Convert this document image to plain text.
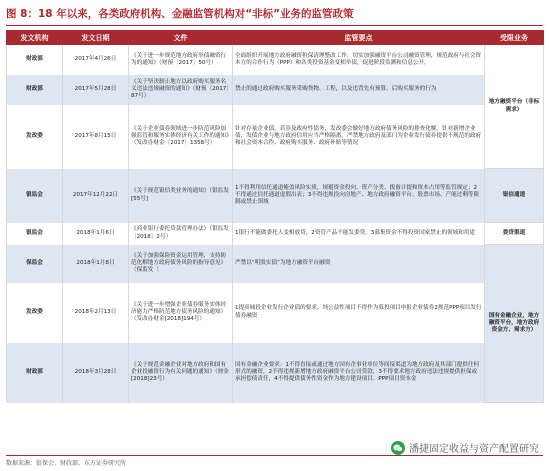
图 8：18 年以来，各类政府机构、金融监管机构对“非标”业务的监管政策
发文机构	发文日期	文件	监管要点	受限业务
财政部	2017年4月26日	《关于进一步规范地方政府举债融资行为的通知》（财预〔2017〕50号）	全面组织开展地方政府融资担保清理整改工作，切实加强融资平台公司融资管理，规范政府与社会资本方的合作行为（PPP）和各类投资基金变相举债，促进阶段监测和信息公开。	地方融资平台（非标需求）
财政部	2017年5月28日	《关于坚决制止地方以政府购买服务名义违法违规融资的通知》（财预〔2017〕87号）	禁止的通过政府购买服务采购货物、工程，以及违背先有预算、后购买服务的行为	
发改委	2017年8月15日	《关于企业债券领域进一步防范风险加强监管和服务实体经济有关工作的通知》（发改办财金〔2017〕1358号）	针对存量企业债，若涉及政府性债务，发改委会做好地方政府债务风险的排查化解。针对新增企业债，发债企业与地方政府信用应当严格隔离，严禁地方政府及部门为企业发行债券提供不规范的政府和社会资本合作、政府购买服务、政府补贴等情况	
银监会	2017年12月22日	《关于规范银信类业务的通知》（银监发[55号]	1不得利用信托通道掩盖风险实质，规避资金投向、资产分类、拨备计提和资本占用等监管规定；2不得通过信托通道虚假出表；3不得违规投向房地产、地方政府融资平台、股票市场、产能过剩等限制或禁止领域	银信通道
银监会	2018年1月6日	《商业银行委托贷款管理办法》（银监发〔2018〕2号）	1银行不能做委托人变相放贷，2资管产品不能发委贷，3募集资金不得投资国家禁止的领域和用途	委贷渠道
保监会	2018年1月8日	《关于加强保险资金运用管理，支持防范化解地方政府债务风险的指导意见》（保监发〔	严禁以“明股实债”为地方融资平台融资	国有金融企业，地方融资平台，地方政府资金方、需求方）
发改委	2018年2月13日	《关于进一步增强企业债券服务实体经济能力严格防范地方债务风险的通知》（发改办财金[2018]194号）	1提高城投企业发行企业债的要求，纯公益性项目不得作为募投项目申报企业债券2规范PPP项目发行债券融资	
财政部	2018年3月28日	《关于规范金融企业对地方政府和国有企业投融资行为有关问题的通知》（财金[2018]23号）	国有金融企业要求：1不得直接或通过地方国有企事业单位等间接渠道为地方政府及其部门提供任何形式的融资，2不得违规新增地方政府融资平台公司贷款，3不得要求地方政府违法违规提供担保或承担偿债责任，4不得提供债务性资金作为地方建设项目、PPP项目资本金	
数据来源：银保会、财政部、东方证券研究所
潘捷固定收益与资产配置研究
